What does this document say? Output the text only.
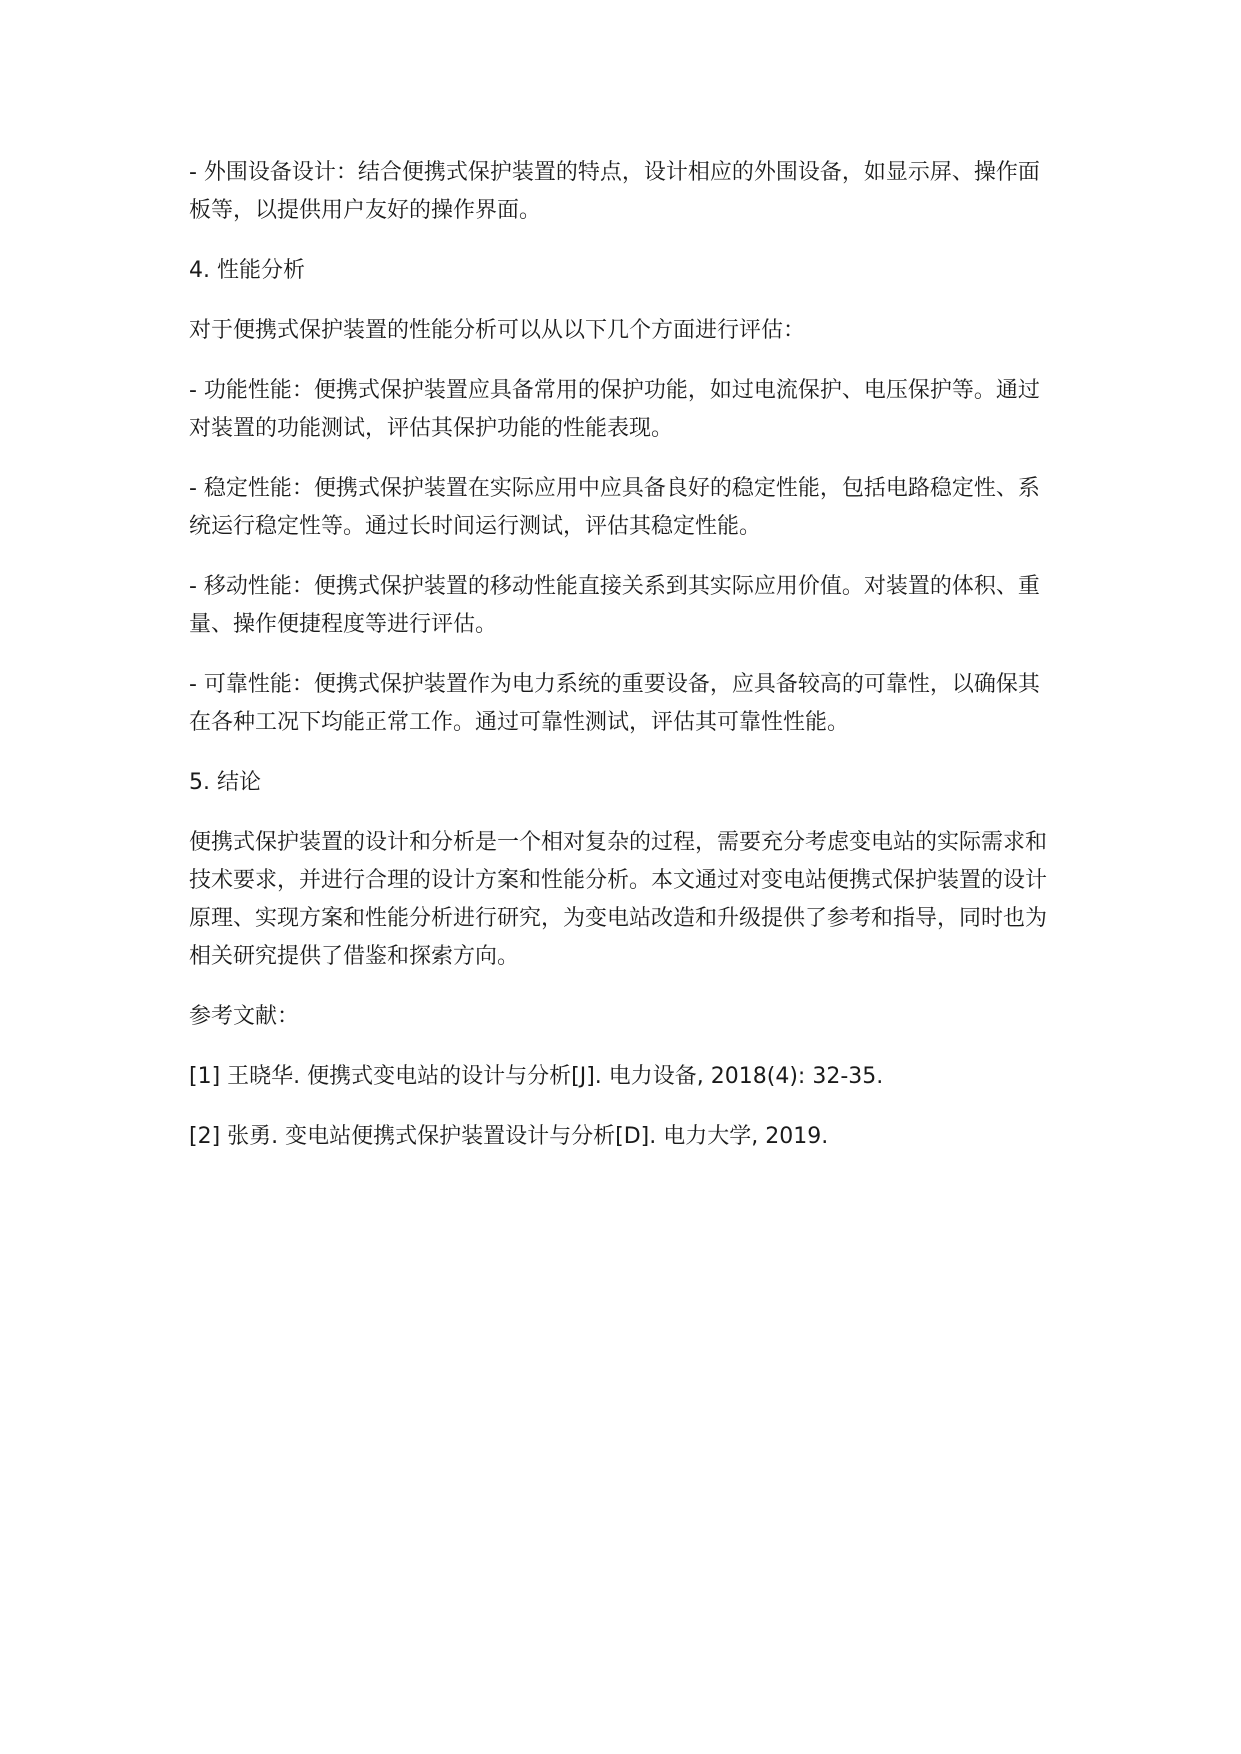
- 外围设备设计：结合便携式保护装置的特点，设计相应的外围设备，如显示屏、操作面板等，以提供用户友好的操作界面。

4. 性能分析

对于便携式保护装置的性能分析可以从以下几个方面进行评估：

- 功能性能：便携式保护装置应具备常用的保护功能，如过电流保护、电压保护等。通过对装置的功能测试，评估其保护功能的性能表现。

- 稳定性能：便携式保护装置在实际应用中应具备良好的稳定性能，包括电路稳定性、系统运行稳定性等。通过长时间运行测试，评估其稳定性能。

- 移动性能：便携式保护装置的移动性能直接关系到其实际应用价值。对装置的体积、重量、操作便捷程度等进行评估。

- 可靠性能：便携式保护装置作为电力系统的重要设备，应具备较高的可靠性，以确保其在各种工况下均能正常工作。通过可靠性测试，评估其可靠性性能。

5. 结论

便携式保护装置的设计和分析是一个相对复杂的过程，需要充分考虑变电站的实际需求和技术要求，并进行合理的设计方案和性能分析。本文通过对变电站便携式保护装置的设计原理、实现方案和性能分析进行研究，为变电站改造和升级提供了参考和指导，同时也为相关研究提供了借鉴和探索方向。

参考文献：

[1] 王晓华. 便携式变电站的设计与分析[J]. 电力设备, 2018(4): 32-35.

[2] 张勇. 变电站便携式保护装置设计与分析[D]. 电力大学, 2019.
